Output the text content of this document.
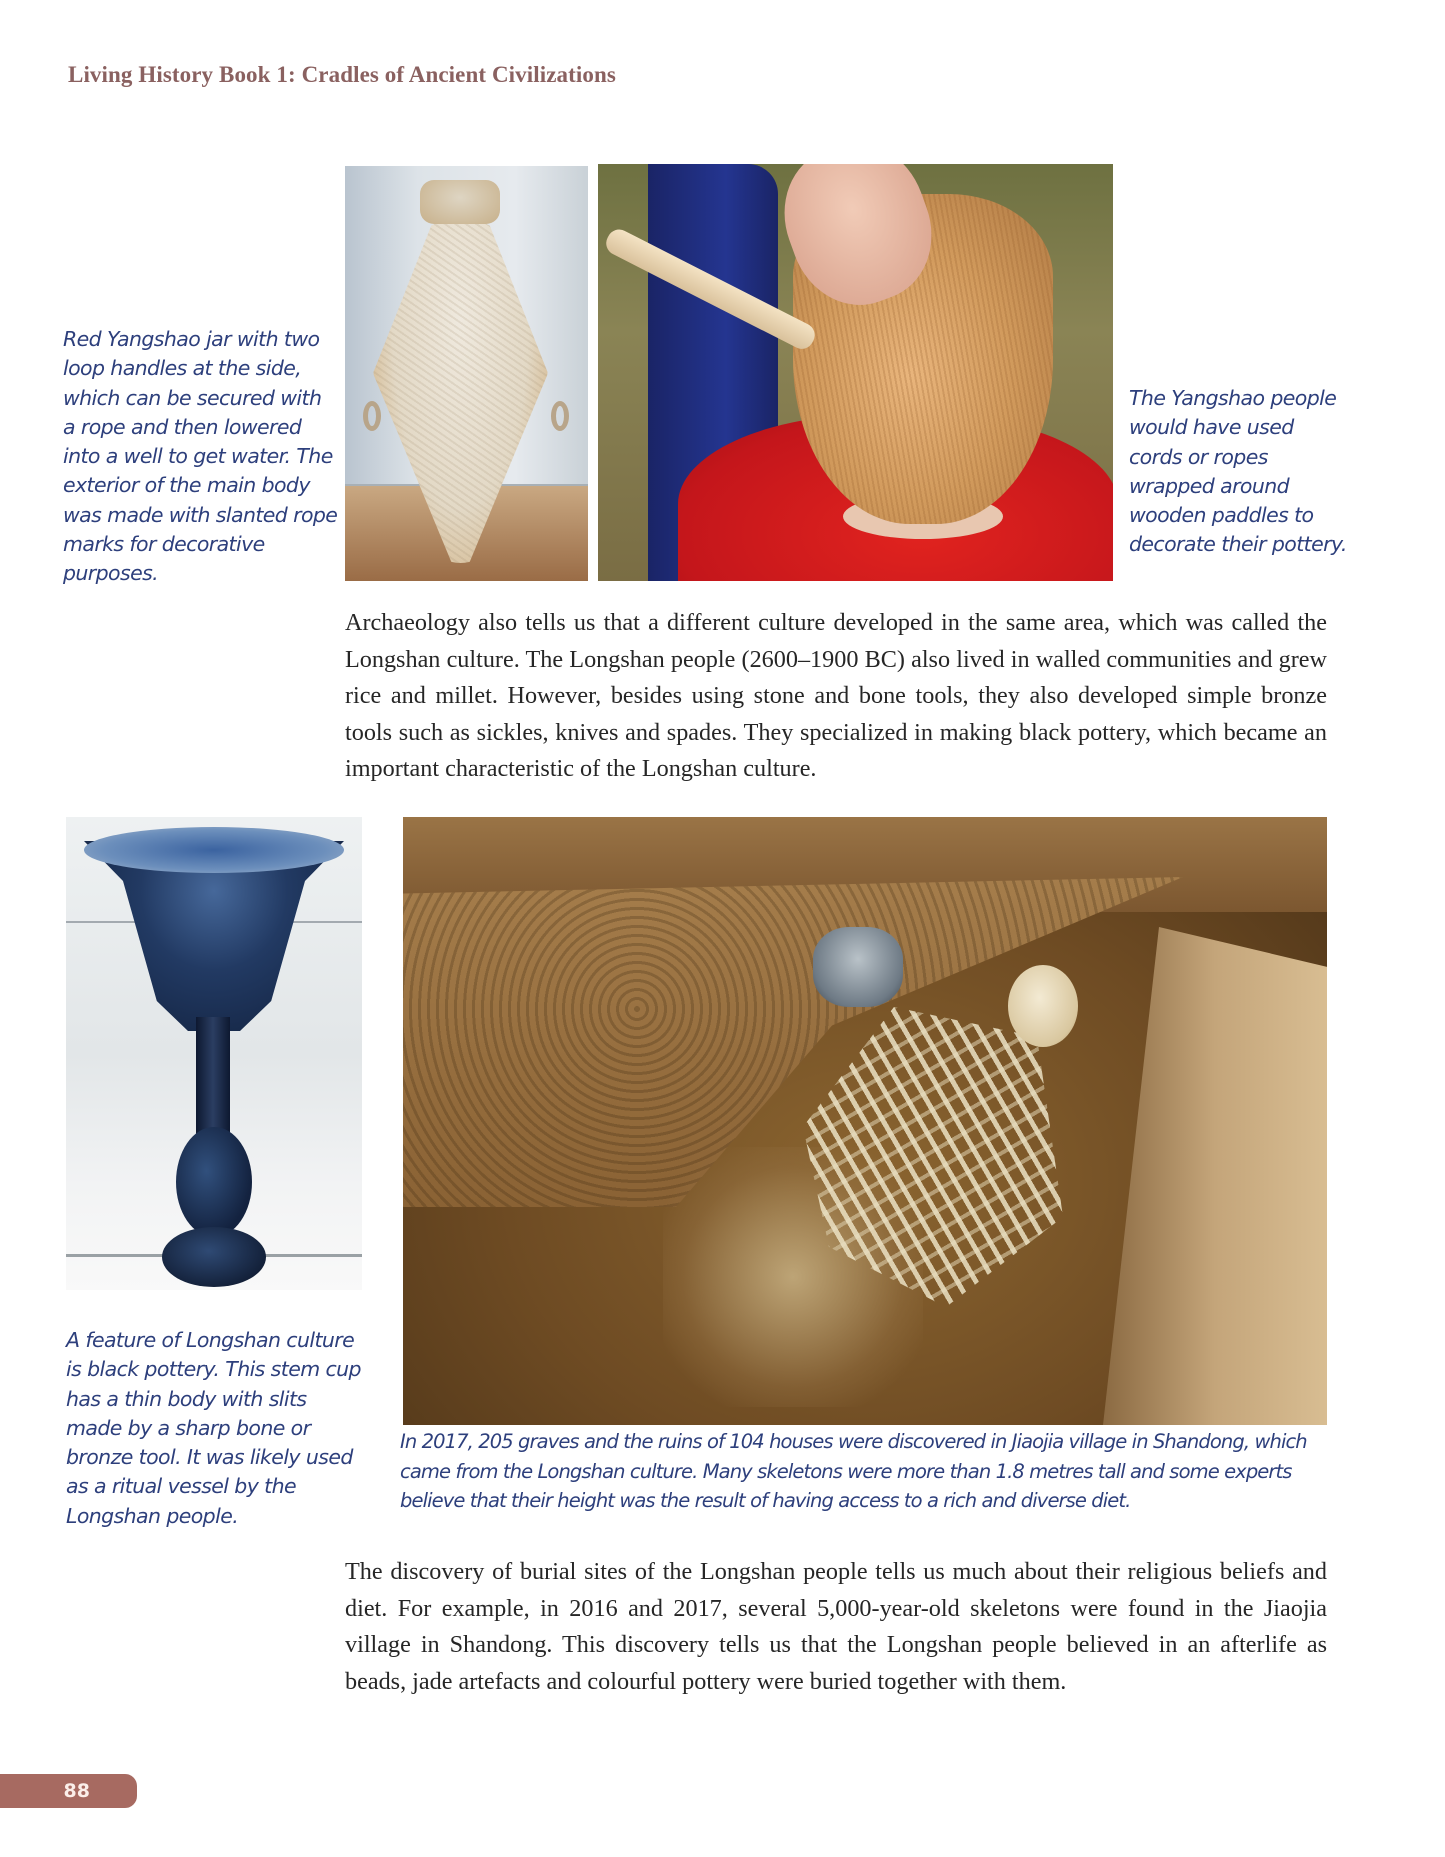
Living History Book 1: Cradles of Ancient Civilizations

Red Yangshao jar with two loop handles at the side, which can be secured with a rope and then lowered into a well to get water. The exterior of the main body was made with slanted rope marks for decorative purposes.

The Yangshao people would have used cords or ropes wrapped around wooden paddles to decorate their pottery.

Archaeology also tells us that a different culture developed in the same area, which was called the Longshan culture. The Longshan people (2600–1900 BC) also lived in walled communities and grew rice and millet. However, besides using stone and bone tools, they also developed simple bronze tools such as sickles, knives and spades. They specialized in making black pottery, which became an important characteristic of the Longshan culture.

A feature of Longshan culture is black pottery. This stem cup has a thin body with slits made by a sharp bone or bronze tool. It was likely used as a ritual vessel by the Longshan people.

In 2017, 205 graves and the ruins of 104 houses were discovered in Jiaojia village in Shandong, which came from the Longshan culture. Many skeletons were more than 1.8 metres tall and some experts believe that their height was the result of having access to a rich and diverse diet.

The discovery of burial sites of the Longshan people tells us much about their religious beliefs and diet. For example, in 2016 and 2017, several 5,000-year-old skeletons were found in the Jiaojia village in Shandong. This discovery tells us that the Longshan people believed in an afterlife as beads, jade artefacts and colourful pottery were buried together with them.

88
